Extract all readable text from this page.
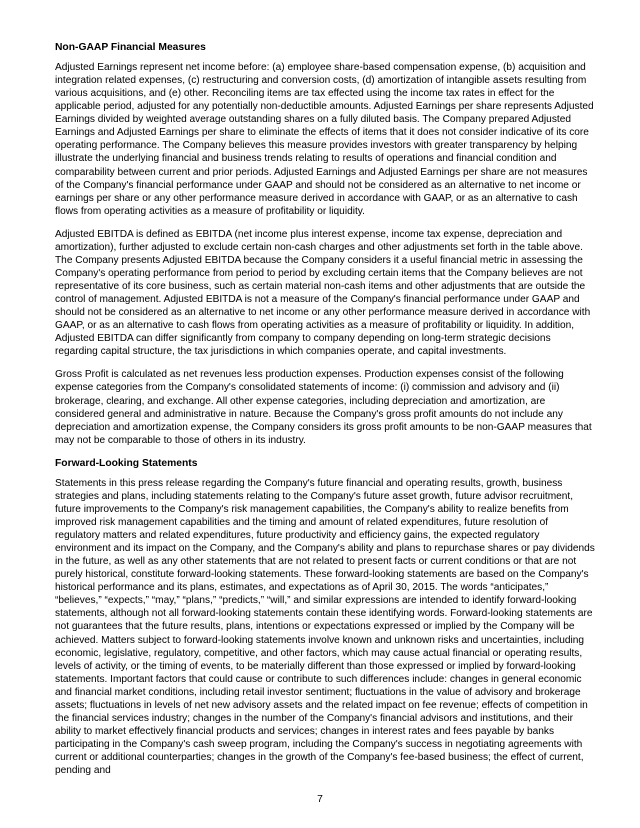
Non-GAAP Financial Measures

Adjusted Earnings represent net income before: (a) employee share-based compensation expense, (b) acquisition and integration related expenses, (c) restructuring and conversion costs, (d) amortization of intangible assets resulting from various acquisitions, and (e) other. Reconciling items are tax effected using the income tax rates in effect for the applicable period, adjusted for any potentially non-deductible amounts. Adjusted Earnings per share represents Adjusted Earnings divided by weighted average outstanding shares on a fully diluted basis. The Company prepared Adjusted Earnings and Adjusted Earnings per share to eliminate the effects of items that it does not consider indicative of its core operating performance. The Company believes this measure provides investors with greater transparency by helping illustrate the underlying financial and business trends relating to results of operations and financial condition and comparability between current and prior periods. Adjusted Earnings and Adjusted Earnings per share are not measures of the Company's financial performance under GAAP and should not be considered as an alternative to net income or earnings per share or any other performance measure derived in accordance with GAAP, or as an alternative to cash flows from operating activities as a measure of profitability or liquidity.

Adjusted EBITDA is defined as EBITDA (net income plus interest expense, income tax expense, depreciation and amortization), further adjusted to exclude certain non-cash charges and other adjustments set forth in the table above. The Company presents Adjusted EBITDA because the Company considers it a useful financial metric in assessing the Company's operating performance from period to period by excluding certain items that the Company believes are not representative of its core business, such as certain material non-cash items and other adjustments that are outside the control of management. Adjusted EBITDA is not a measure of the Company's financial performance under GAAP and should not be considered as an alternative to net income or any other performance measure derived in accordance with GAAP, or as an alternative to cash flows from operating activities as a measure of profitability or liquidity. In addition, Adjusted EBITDA can differ significantly from company to company depending on long-term strategic decisions regarding capital structure, the tax jurisdictions in which companies operate, and capital investments.

Gross Profit is calculated as net revenues less production expenses. Production expenses consist of the following expense categories from the Company's consolidated statements of income: (i) commission and advisory and (ii) brokerage, clearing, and exchange. All other expense categories, including depreciation and amortization, are considered general and administrative in nature. Because the Company's gross profit amounts do not include any depreciation and amortization expense, the Company considers its gross profit amounts to be non-GAAP measures that may not be comparable to those of others in its industry.

Forward-Looking Statements

Statements in this press release regarding the Company's future financial and operating results, growth, business strategies and plans, including statements relating to the Company's future asset growth, future advisor recruitment, future improvements to the Company's risk management capabilities, the Company's ability to realize benefits from improved risk management capabilities and the timing and amount of related expenditures, future resolution of regulatory matters and related expenditures, future productivity and efficiency gains, the expected regulatory environment and its impact on the Company, and the Company's ability and plans to repurchase shares or pay dividends in the future, as well as any other statements that are not related to present facts or current conditions or that are not purely historical, constitute forward-looking statements. These forward-looking statements are based on the Company's historical performance and its plans, estimates, and expectations as of April 30, 2015. The words “anticipates,” “believes,” “expects,” “may,” “plans,” “predicts,” “will,” and similar expressions are intended to identify forward-looking statements, although not all forward-looking statements contain these identifying words. Forward-looking statements are not guarantees that the future results, plans, intentions or expectations expressed or implied by the Company will be achieved. Matters subject to forward-looking statements involve known and unknown risks and uncertainties, including economic, legislative, regulatory, competitive, and other factors, which may cause actual financial or operating results, levels of activity, or the timing of events, to be materially different than those expressed or implied by forward-looking statements. Important factors that could cause or contribute to such differences include: changes in general economic and financial market conditions, including retail investor sentiment; fluctuations in the value of advisory and brokerage assets; fluctuations in levels of net new advisory assets and the related impact on fee revenue; effects of competition in the financial services industry; changes in the number of the Company's financial advisors and institutions, and their ability to market effectively financial products and services; changes in interest rates and fees payable by banks participating in the Company's cash sweep program, including the Company's success in negotiating agreements with current or additional counterparties; changes in the growth of the Company's fee-based business; the effect of current, pending and

7
